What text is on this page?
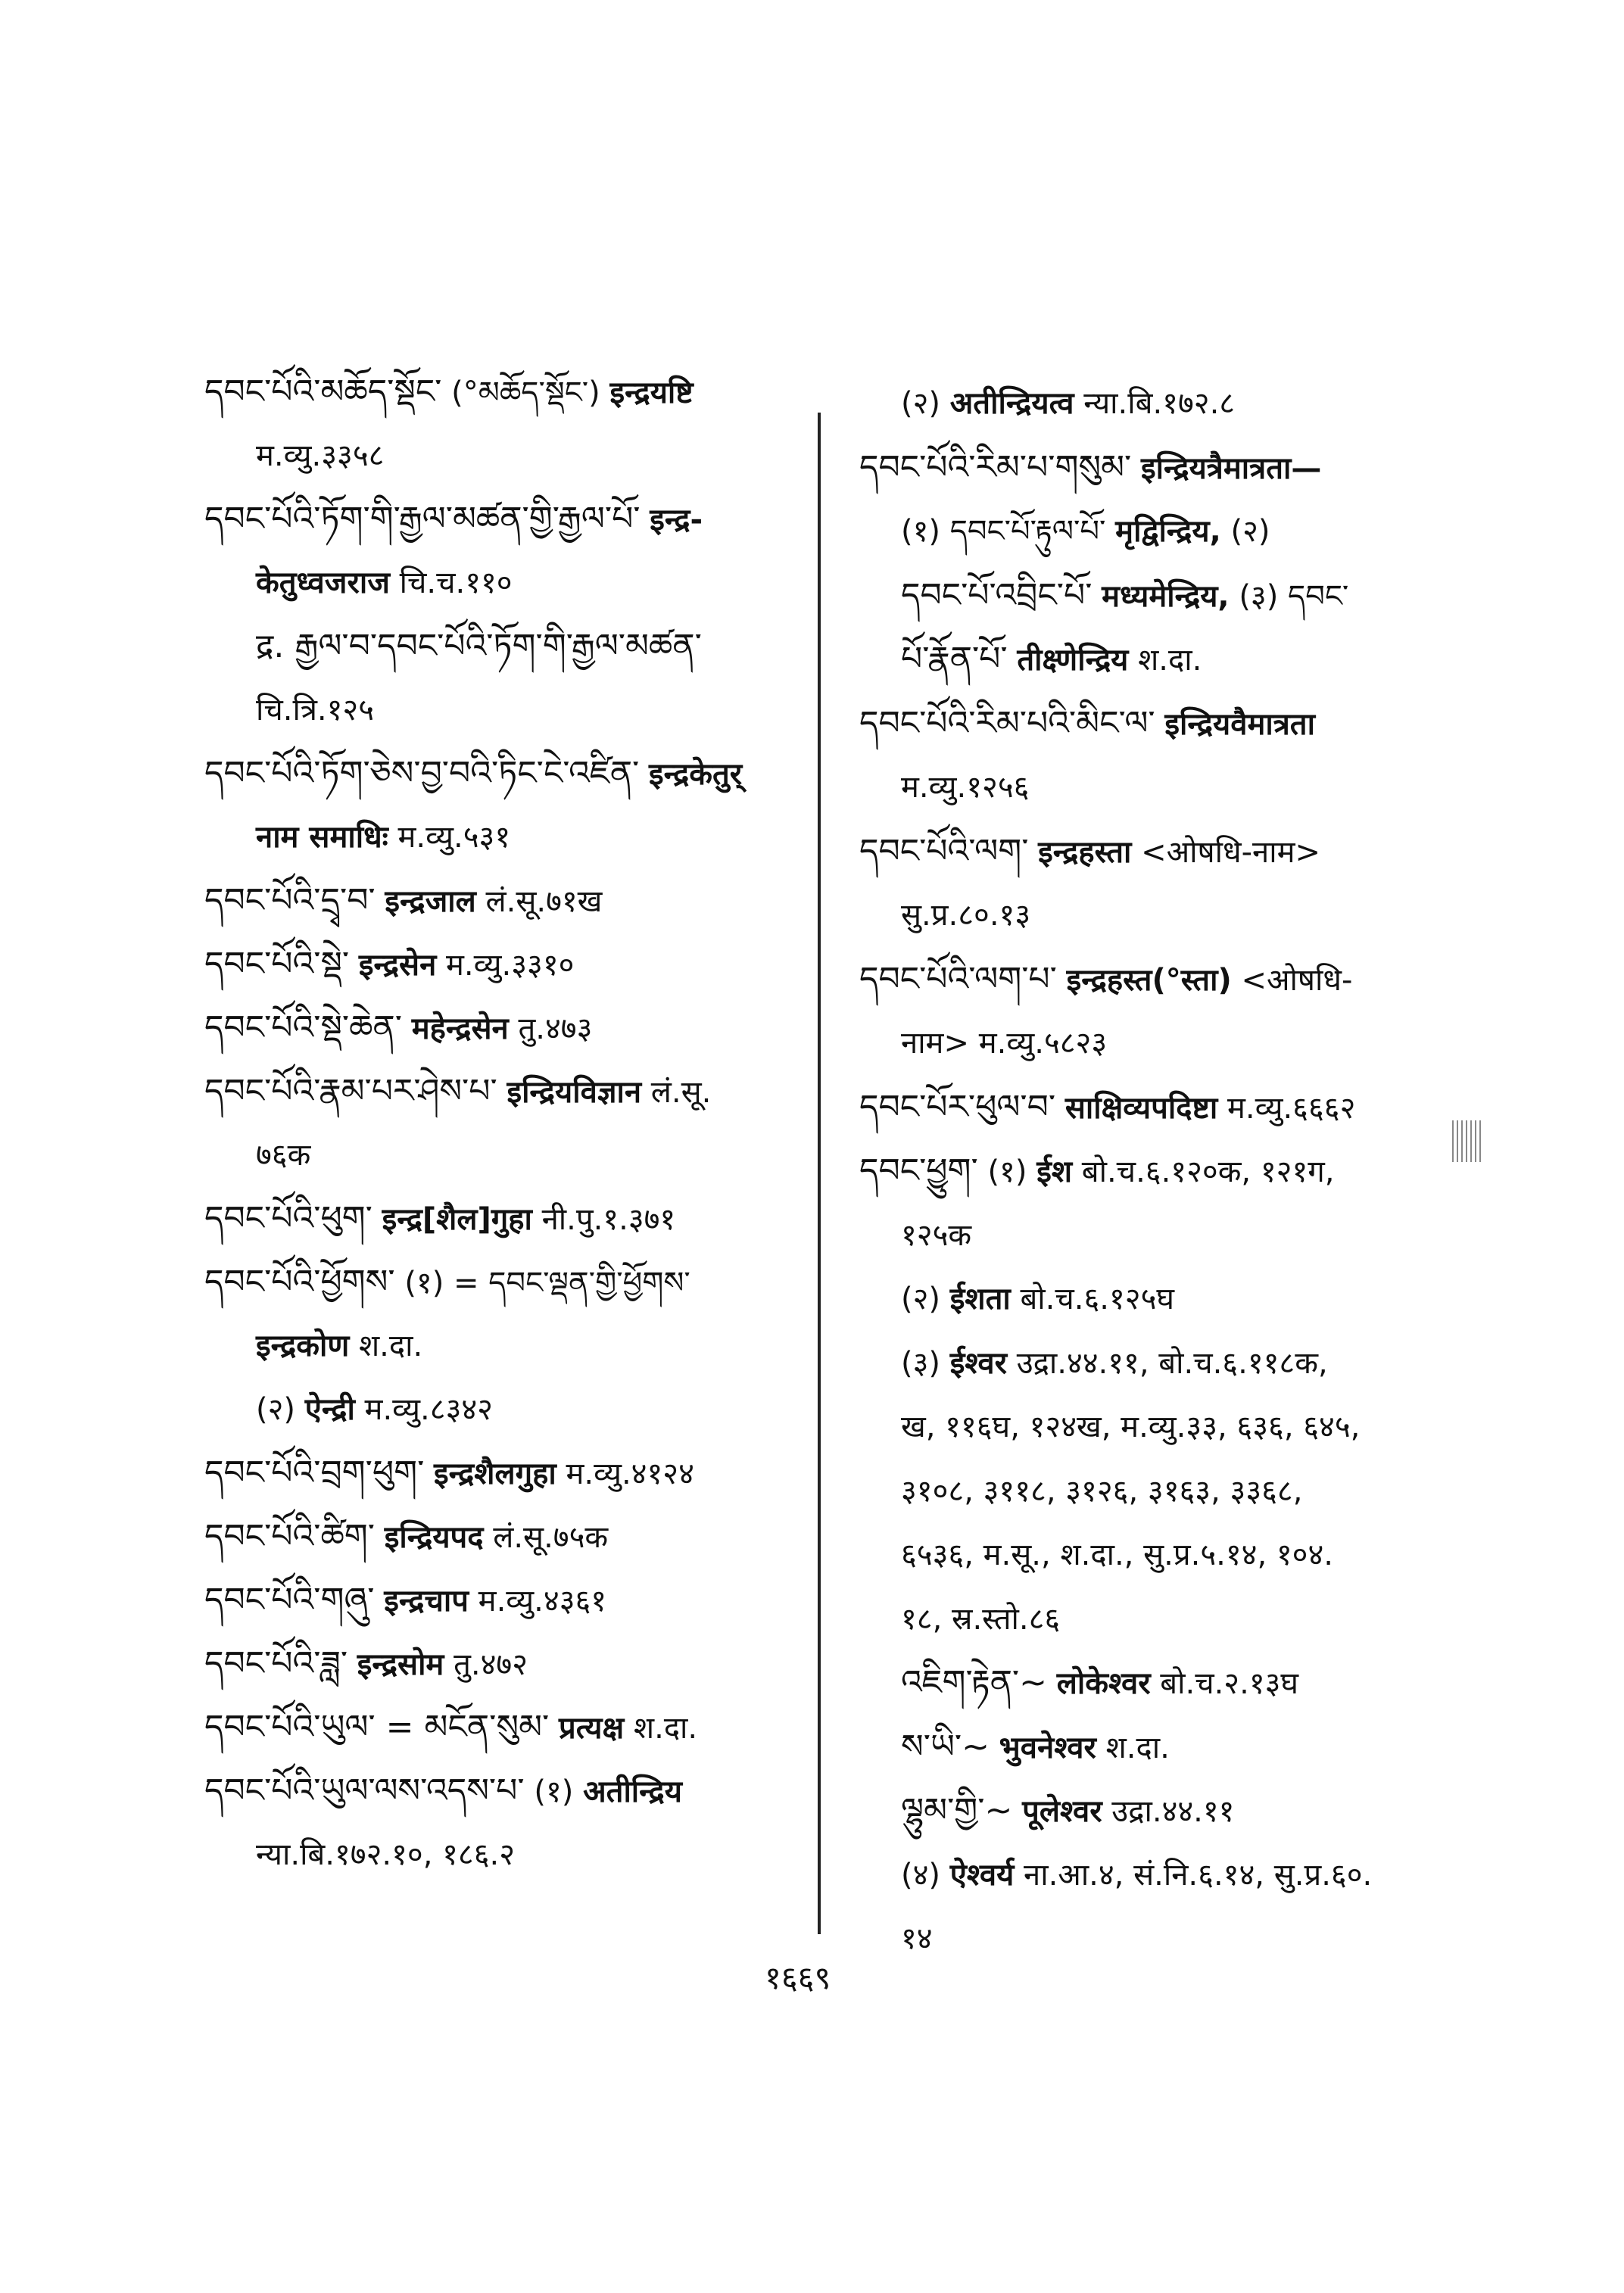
དབང་པོའི་མཆོད་སྡོང་ (°མཆོད་སྡོང་) इन्द्रयष्टि
म.व्यु.३३५८
དབང་པོའི་ཏོག་གི་རྒྱལ་མཚན་གྱི་རྒྱལ་པོ་ इन्द्र-
केतुध्वजराज चि.च.११०
द्र. རྒྱལ་བ་དབང་པོའི་ཏོག་གི་རྒྱལ་མཚན་
चि.त्रि.१२५
དབང་པོའི་ཏོག་ཅེས་བྱ་བའི་ཏིང་ངེ་འཛིན་ इन्द्रकेतुर्
नाम समाधिः म.व्यु.५३१
དབང་པོའི་དྲྭ་བ་ इन्द्रजाल लं.सू.७१ख
དབང་པོའི་སྡེ་ इन्द्रसेन म.व्यु.३३१०
དབང་པོའི་སྡེ་ཆེན་ महेन्द्रसेन तु.४७३
དབང་པོའི་རྣམ་པར་ཤེས་པ་ इन्द्रियविज्ञान लं.सू.
७६क
དབང་པོའི་ཕུག་ इन्द्र[शैल]गुहा नी.पु.१.३७१
དབང་པོའི་ཕྱོགས་ (१) = དབང་ལྡན་གྱི་ཕྱོགས་
इन्द्रकोण श.दा.
(२) ऐन्द्री म.व्यु.८३४२
དབང་པོའི་བྲག་ཕུག་ इन्द्रशैलगुहा म.व्यु.४१२४
དབང་པོའི་ཚིག་ इन्द्रियपद लं.सू.७५क
དབང་པོའི་གཞུ་ इन्द्रचाप म.व्यु.४३६१
དབང་པོའི་ཟླ་ इन्द्रसोम तु.४७२
དབང་པོའི་ཡུལ་ = མངོན་སུམ་ प्रत्यक्ष श.दा.
དབང་པོའི་ཡུལ་ལས་འདས་པ་ (१) अतीन्द्रिय
न्या.बि.१७२.१०, १८६.२
(२) अतीन्द्रियत्व न्या.बि.१७२.८
དབང་པོའི་རིམ་པ་གསུམ་ इन्द्रियत्रैमात्रता—
(१) དབང་པོ་རྟུལ་པོ་ मृद्विन्द्रिय, (२)
དབང་པོ་འབྲིང་པོ་ मध्यमेन्द्रिय, (३) དབང་
པོ་རྣོན་པོ་ तीक्ष्णेन्द्रिय श.दा.
དབང་པོའི་རིམ་པའི་མིང་ལ་ इन्द्रियवैमात्रता
म.व्यु.१२५६
དབང་པོའི་ལག་ इन्द्रहस्ता <ओषधि-नाम>
सु.प्र.८०.१३
དབང་པོའི་ལག་པ་ इन्द्रहस्त(°स्ता) <ओषधि-
नाम> म.व्यु.५८२३
དབང་པོར་ཕུལ་བ་ साक्षिव्यपदिष्टा म.व्यु.६६६२
དབང་ཕྱུག་ (१) ईश बो.च.६.१२०क, १२१ग,
१२५क
(२) ईशता बो.च.६.१२५घ
(३) ईश्वर उद्रा.४४.११, बो.च.६.११८क,
ख, ११६घ, १२४ख, म.व्यु.३३, ६३६, ६४५,
३१०८, ३११८, ३१२६, ३१६३, ३३६८,
६५३६, म.सू., श.दा., सु.प्र.५.१४, १०४.
१८, स्र.स्तो.८६
འཇིག་རྟེན་~ लोकेश्वर बो.च.२.१३घ
ས་ཡི་~ भुवनेश्वर श.दा.
ལྷུམ་གྱི་~ पूलेश्वर उद्रा.४४.११
(४) ऐश्वर्य ना.आ.४, सं.नि.६.१४, सु.प्र.६०.
१४
१६६९
